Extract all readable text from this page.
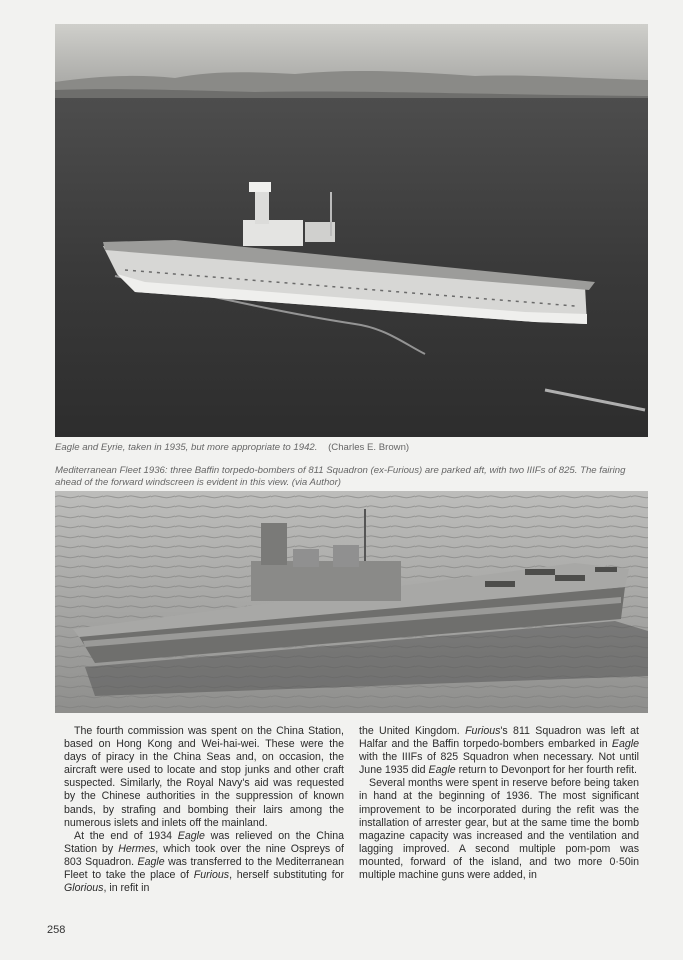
Eagle and Eyrie, taken in 1935, but more appropriate to 1942. (Charles E. Brown)
Mediterranean Fleet 1936: three Baffin torpedo-bombers of 811 Squadron (ex-Furious) are parked aft, with two IIIFs of 825. The fairing ahead of the forward windscreen is evident in this view. (via Author)

The fourth commission was spent on the China Station, based on Hong Kong and Wei-hai-wei. These were the days of piracy in the China Seas and, on occasion, the aircraft were used to locate and stop junks and other craft suspected. Similarly, the Royal Navy's aid was requested by the Chinese authorities in the suppression of known bands, by strafing and bombing their lairs among the numerous islets and inlets off the mainland.

At the end of 1934 Eagle was relieved on the China Station by Hermes, which took over the nine Ospreys of 803 Squadron. Eagle was transferred to the Mediterranean Fleet to take the place of Furious, herself substituting for Glorious, in refit in

the United Kingdom. Furious's 811 Squadron was left at Halfar and the Baffin torpedo-bombers embarked in Eagle with the IIIFs of 825 Squadron when necessary. Not until June 1935 did Eagle return to Devonport for her fourth refit.

Several months were spent in reserve before being taken in hand at the beginning of 1936. The most significant improvement to be incorporated during the refit was the installation of arrester gear, but at the same time the bomb magazine capacity was increased and the ventilation and lagging improved. A second multiple pom-pom was mounted, forward of the island, and two more 0·50in multiple machine guns were added, in

258
